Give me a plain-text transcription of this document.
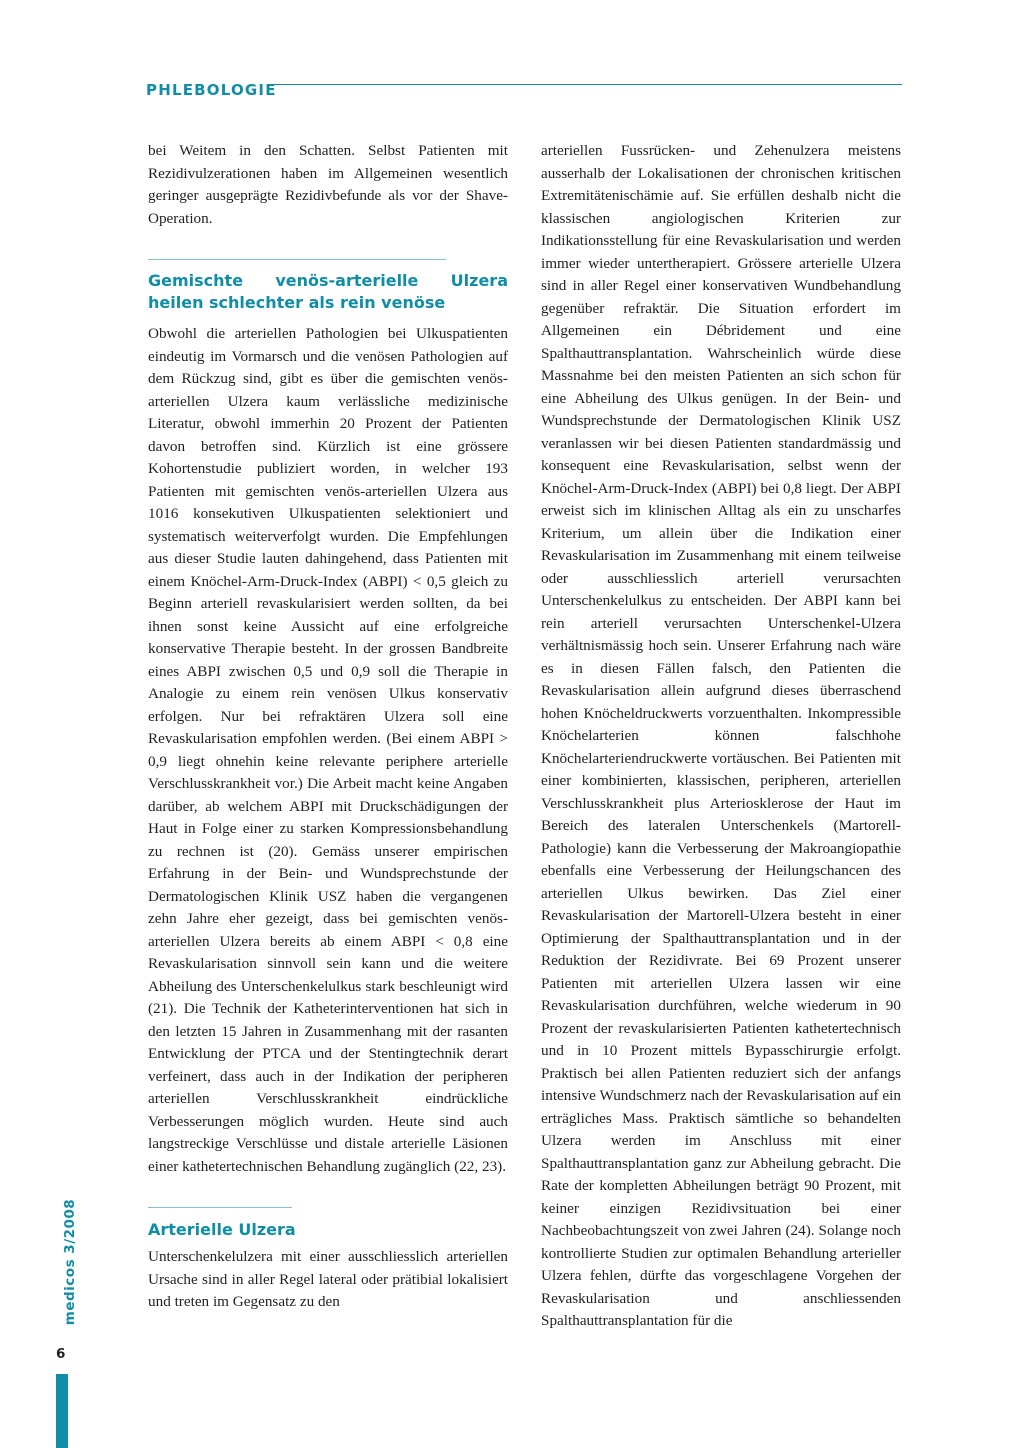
PHLEBOLOGIE

bei Weitem in den Schatten. Selbst Patienten mit Rezidivulzerationen haben im Allgemeinen wesentlich geringer ausgeprägte Rezidivbefunde als vor der Shave-Operation.

Gemischte venös-arterielle Ulzera heilen schlechter als rein venöse

Obwohl die arteriellen Pathologien bei Ulkuspatienten eindeutig im Vormarsch und die venösen Pathologien auf dem Rückzug sind, gibt es über die gemischten venös-arteriellen Ulzera kaum verlässliche medizinische Literatur, obwohl immerhin 20 Prozent der Patienten davon betroffen sind. Kürzlich ist eine grössere Kohortenstudie publiziert worden, in welcher 193 Patienten mit gemischten venös-arteriellen Ulzera aus 1016 konsekutiven Ulkuspatienten selektioniert und systematisch weiterverfolgt wurden. Die Empfehlungen aus dieser Studie lauten dahingehend, dass Patienten mit einem Knöchel-Arm-Druck-Index (ABPI) < 0,5 gleich zu Beginn arteriell revaskularisiert werden sollten, da bei ihnen sonst keine Aussicht auf eine erfolgreiche konservative Therapie besteht. In der grossen Bandbreite eines ABPI zwischen 0,5 und 0,9 soll die Therapie in Analogie zu einem rein venösen Ulkus konservativ erfolgen. Nur bei refraktären Ulzera soll eine Revaskularisation empfohlen werden. (Bei einem ABPI > 0,9 liegt ohnehin keine relevante periphere arterielle Verschlusskrankheit vor.) Die Arbeit macht keine Angaben darüber, ab welchem ABPI mit Druckschädigungen der Haut in Folge einer zu starken Kompressionsbehandlung zu rechnen ist (20). Gemäss unserer empirischen Erfahrung in der Bein- und Wundsprechstunde der Dermatologischen Klinik USZ haben die vergangenen zehn Jahre eher gezeigt, dass bei gemischten venös-arteriellen Ulzera bereits ab einem ABPI < 0,8 eine Revaskularisation sinnvoll sein kann und die weitere Abheilung des Unterschenkelulkus stark beschleunigt wird (21). Die Technik der Katheterinterventionen hat sich in den letzten 15 Jahren in Zusammenhang mit der rasanten Entwicklung der PTCA und der Stentingtechnik derart verfeinert, dass auch in der Indikation der peripheren arteriellen Verschlusskrankheit eindrückliche Verbesserungen möglich wurden. Heute sind auch langstreckige Verschlüsse und distale arterielle Läsionen einer kathetertechnischen Behandlung zugänglich (22, 23).

Arterielle Ulzera

Unterschenkelulzera mit einer ausschliesslich arteriellen Ursache sind in aller Regel lateral oder prätibial lokalisiert und treten im Gegensatz zu den

arteriellen Fussrücken- und Zehenulzera meistens ausserhalb der Lokalisationen der chronischen kritischen Extremitätenischämie auf. Sie erfüllen deshalb nicht die klassischen angiologischen Kriterien zur Indikationsstellung für eine Revaskularisation und werden immer wieder untertherapiert. Grössere arterielle Ulzera sind in aller Regel einer konservativen Wundbehandlung gegenüber refraktär. Die Situation erfordert im Allgemeinen ein Débridement und eine Spalthauttransplantation. Wahrscheinlich würde diese Massnahme bei den meisten Patienten an sich schon für eine Abheilung des Ulkus genügen. In der Bein- und Wundsprechstunde der Dermatologischen Klinik USZ veranlassen wir bei diesen Patienten standardmässig und konsequent eine Revaskularisation, selbst wenn der Knöchel-Arm-Druck-Index (ABPI) bei 0,8 liegt. Der ABPI erweist sich im klinischen Alltag als ein zu unscharfes Kriterium, um allein über die Indikation einer Revaskularisation im Zusammenhang mit einem teilweise oder ausschliesslich arteriell verursachten Unterschenkelulkus zu entscheiden. Der ABPI kann bei rein arteriell verursachten Unterschenkel-Ulzera verhältnismässig hoch sein. Unserer Erfahrung nach wäre es in diesen Fällen falsch, den Patienten die Revaskularisation allein aufgrund dieses überraschend hohen Knöcheldruckwerts vorzuenthalten. Inkompressible Knöchelarterien können falschhohe Knöchelarteriendruckwerte vortäuschen. Bei Patienten mit einer kombinierten, klassischen, peripheren, arteriellen Verschlusskrankheit plus Arteriosklerose der Haut im Bereich des lateralen Unterschenkels (Martorell-Pathologie) kann die Verbesserung der Makroangiopathie ebenfalls eine Verbesserung der Heilungschancen des arteriellen Ulkus bewirken. Das Ziel einer Revaskularisation der Martorell-Ulzera besteht in einer Optimierung der Spalthauttransplantation und in der Reduktion der Rezidivrate. Bei 69 Prozent unserer Patienten mit arteriellen Ulzera lassen wir eine Revaskularisation durchführen, welche wiederum in 90 Prozent der revaskularisierten Patienten kathetertechnisch und in 10 Prozent mittels Bypasschirurgie erfolgt. Praktisch bei allen Patienten reduziert sich der anfangs intensive Wundschmerz nach der Revaskularisation auf ein erträgliches Mass. Praktisch sämtliche so behandelten Ulzera werden im Anschluss mit einer Spalthauttransplantation ganz zur Abheilung gebracht. Die Rate der kompletten Abheilungen beträgt 90 Prozent, mit keiner einzigen Rezidivsituation bei einer Nachbeobachtungszeit von zwei Jahren (24). Solange noch kontrollierte Studien zur optimalen Behandlung arterieller Ulzera fehlen, dürfte das vorgeschlagene Vorgehen der Revaskularisation und anschliessenden Spalthauttransplantation für die

medicos 3/2008
6
